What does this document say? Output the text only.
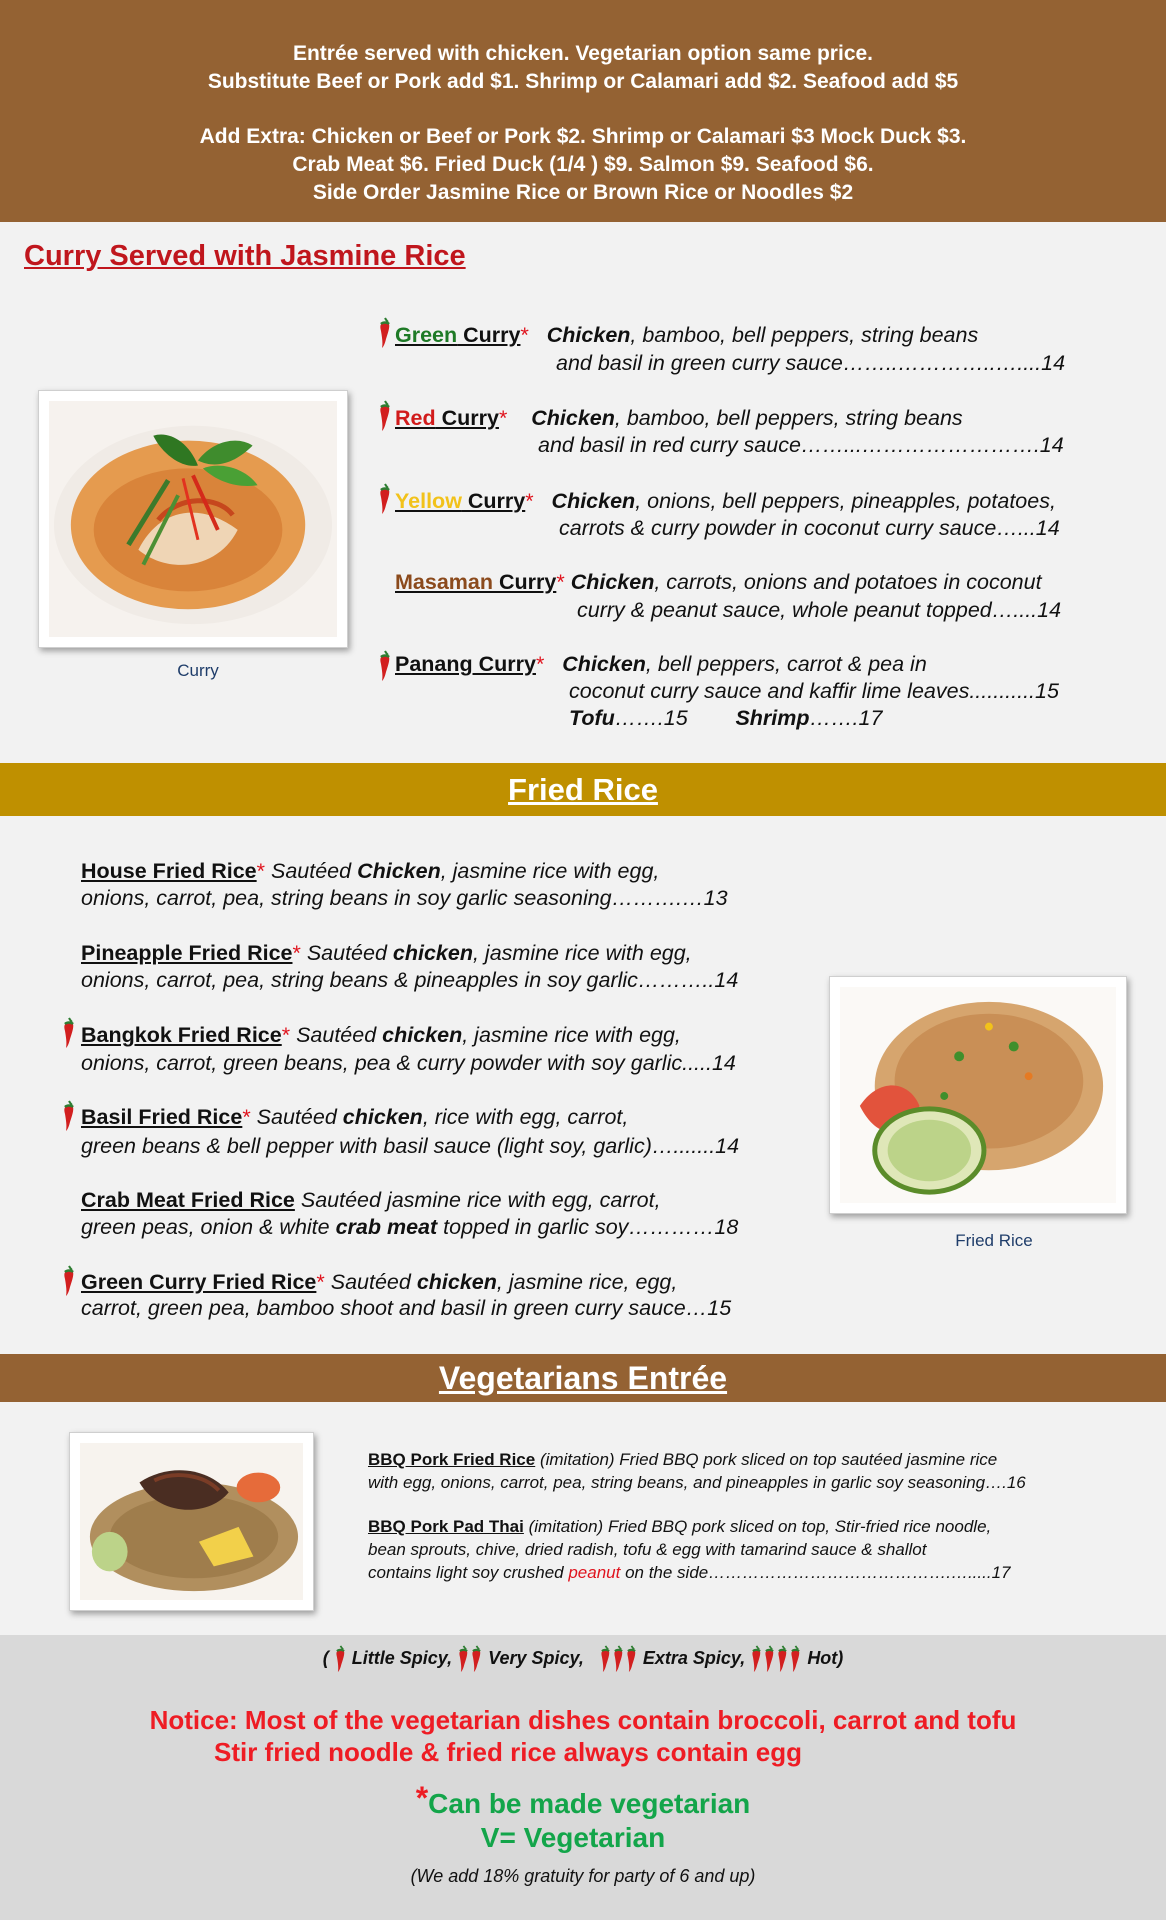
Entrée served with chicken. Vegetarian option same price.
Substitute Beef or Pork add $1. Shrimp or Calamari add $2. Seafood add $5
Add Extra: Chicken or Beef or Pork $2. Shrimp or Calamari $3 Mock Duck $3.
Crab Meat $6. Fried Duck (1/4 ) $9. Salmon $9. Seafood $6.
Side Order Jasmine Rice or Brown Rice or Noodles $2
Curry Served with Jasmine Rice
Curry
Green Curry* Chicken, bamboo, bell peppers, string beans
and basil in green curry sauce……..…………..…....14
Red Curry* Chicken, bamboo, bell peppers, string beans
and basil in red curry sauce……...…………………….14
Yellow Curry* Chicken, onions, bell peppers, pineapples, potatoes,
carrots & curry powder in coconut curry sauce…...14
Masaman Curry* Chicken, carrots, onions and potatoes in coconut
curry & peanut sauce, whole peanut topped…....14
Panang Curry* Chicken, bell peppers, carrot & pea in
coconut curry sauce and kaffir lime leaves...........15
Tofu…….15 Shrimp…….17
Fried Rice
House Fried Rice* Sautéed Chicken, jasmine rice with egg,
onions, carrot, pea, string beans in soy garlic seasoning……….…13
Pineapple Fried Rice* Sautéed chicken, jasmine rice with egg,
onions, carrot, pea, string beans & pineapples in soy garlic………..14
Bangkok Fried Rice* Sautéed chicken, jasmine rice with egg,
onions, carrot, green beans, pea & curry powder with soy garlic.....14
Basil Fried Rice* Sautéed chicken, rice with egg, carrot,
green beans & bell pepper with basil sauce (light soy, garlic)….......14
Crab Meat Fried Rice Sautéed jasmine rice with egg, carrot,
green peas, onion & white crab meat topped in garlic soy…………18
Green Curry Fried Rice* Sautéed chicken, jasmine rice, egg,
carrot, green pea, bamboo shoot and basil in green curry sauce…15
Fried Rice
Vegetarians Entrée
BBQ Pork Fried Rice (imitation) Fried BBQ pork sliced on top sautéed jasmine rice
with egg, onions, carrot, pea, string beans, and pineapples in garlic soy seasoning….16
BBQ Pork Pad Thai (imitation) Fried BBQ pork sliced on top, Stir-fried rice noodle,
bean sprouts, chive, dried radish, tofu & egg with tamarind sauce & shallot
contains light soy crushed peanut on the side…………………………………….….....17
(  Little Spicy,  Very Spicy,	Extra Spicy,	Hot)
Notice: Most of the vegetarian dishes contain broccoli, carrot and tofu
Stir fried noodle & fried rice always contain egg
*Can be made vegetarian
V= Vegetarian
(We add 18% gratuity for party of 6 and up)
